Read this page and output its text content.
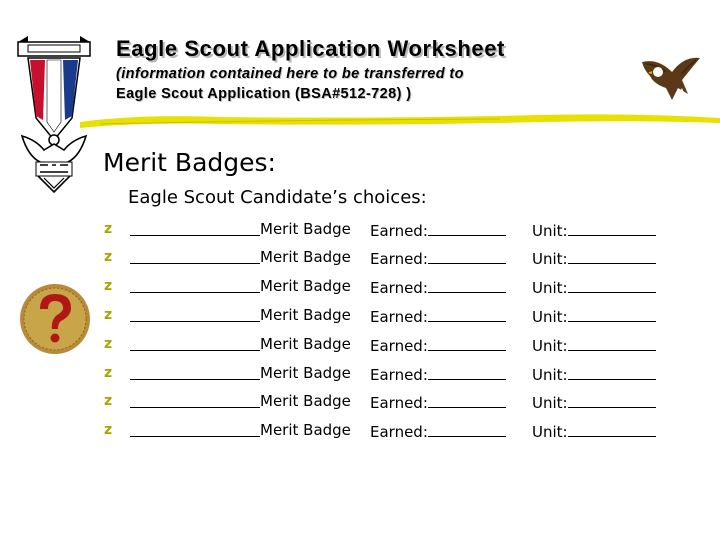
Eagle Scout Application Worksheet
(information contained here to be transferred to
Eagle Scout Application (BSA#512-728) )
Merit Badges:
Eagle Scout Candidate’s choices:
z	Merit Badge Earned:	Unit:
z	Merit Badge Earned:	Unit:
z	Merit Badge Earned:	Unit:
z	Merit Badge Earned:	Unit:
z	Merit Badge Earned:	Unit:
z	Merit Badge Earned:	Unit:
z	Merit Badge Earned:	Unit:
z	Merit Badge Earned:	Unit:
